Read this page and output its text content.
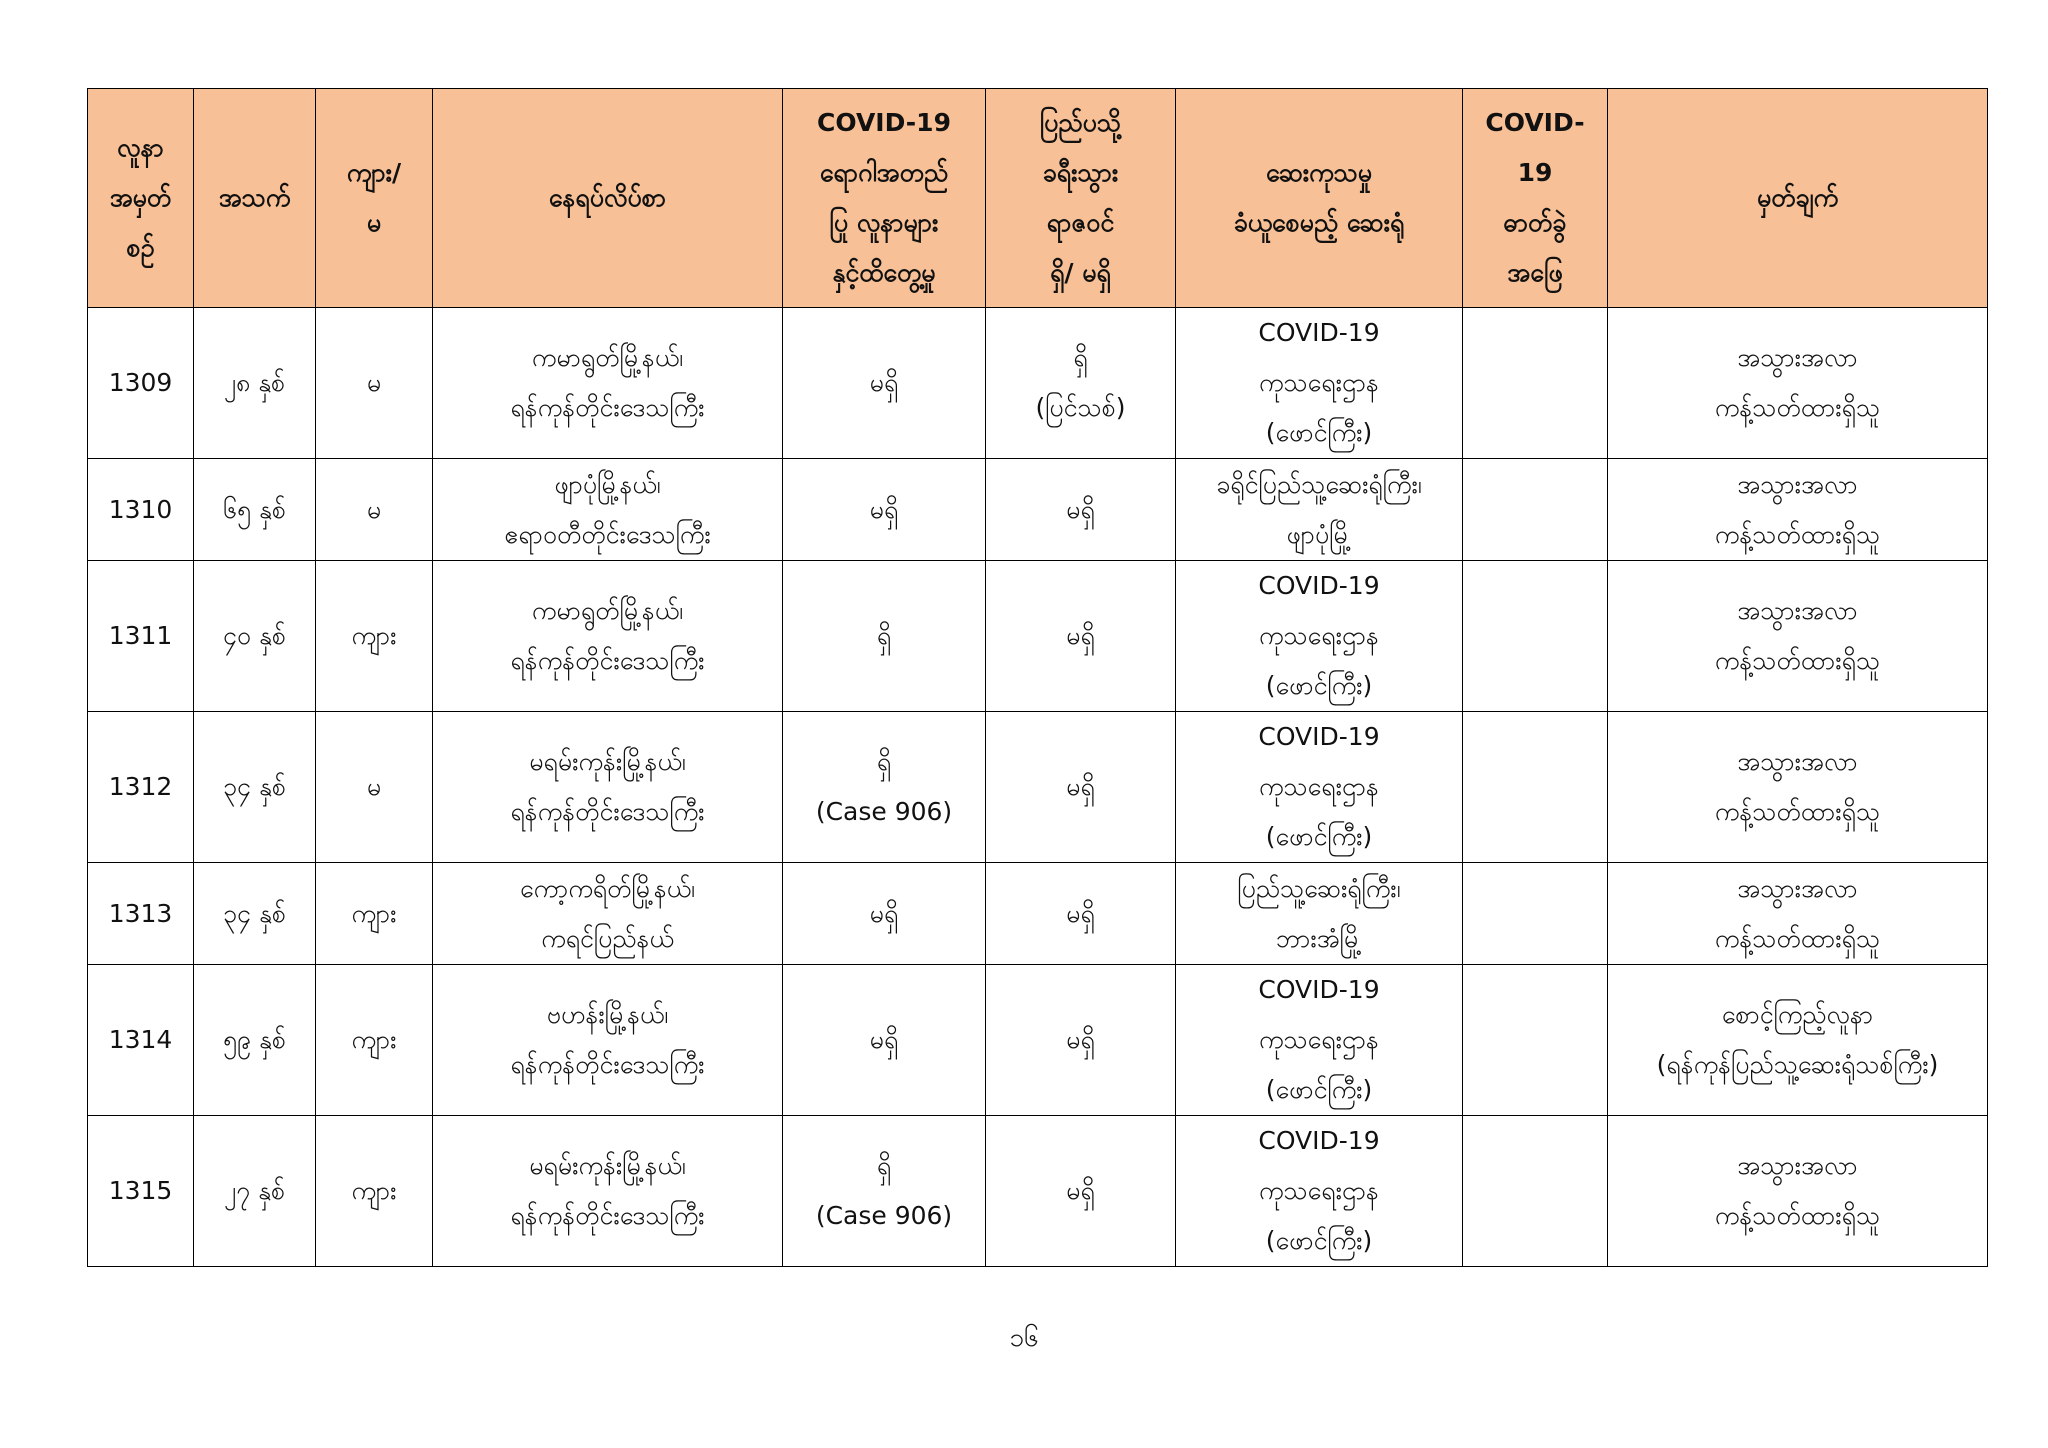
လူနာ
အမှတ်
စဉ်	အသက်	ကျား/
မ	နေရပ်လိပ်စာ	COVID-19
ရောဂါအတည်
ပြု လူနာများ
နှင့်ထိတွေ့မှု	ပြည်ပသို့
ခရီးသွား
ရာဇဝင်
ရှိ/ မရှိ	ဆေးကုသမှု
ခံယူစေမည့် ဆေးရုံ	COVID-
19
ဓာတ်ခွဲ
အဖြေ	မှတ်ချက်

1309	၂၈ နှစ်	မ	ကမာရွတ်မြို့နယ်၊
ရန်ကုန်တိုင်းဒေသကြီး	မရှိ	ရှိ
(ပြင်သစ်)	COVID-19
ကုသရေးဌာန
(ဖောင်ကြီး)		အသွားအလာ
ကန့်သတ်ထားရှိသူ

1310	၆၅ နှစ်	မ	ဖျာပုံမြို့နယ်၊
ဧရာဝတီတိုင်းဒေသကြီး	မရှိ	မရှိ	ခရိုင်ပြည်သူ့ဆေးရုံကြီး၊
ဖျာပုံမြို့		အသွားအလာ
ကန့်သတ်ထားရှိသူ

1311	၄၀ နှစ်	ကျား	ကမာရွတ်မြို့နယ်၊
ရန်ကုန်တိုင်းဒေသကြီး	ရှိ	မရှိ	COVID-19
ကုသရေးဌာန
(ဖောင်ကြီး)		အသွားအလာ
ကန့်သတ်ထားရှိသူ

1312	၃၄ နှစ်	မ	မရမ်းကုန်းမြို့နယ်၊
ရန်ကုန်တိုင်းဒေသကြီး	ရှိ
(Case 906)	မရှိ	COVID-19
ကုသရေးဌာန
(ဖောင်ကြီး)		အသွားအလာ
ကန့်သတ်ထားရှိသူ

1313	၃၄ နှစ်	ကျား	ကော့ကရိတ်မြို့နယ်၊
ကရင်ပြည်နယ်	မရှိ	မရှိ	ပြည်သူ့ဆေးရုံကြီး၊
ဘားအံမြို့		အသွားအလာ
ကန့်သတ်ထားရှိသူ

1314	၅၉ နှစ်	ကျား	ဗဟန်းမြို့နယ်၊
ရန်ကုန်တိုင်းဒေသကြီး	မရှိ	မရှိ	COVID-19
ကုသရေးဌာန
(ဖောင်ကြီး)		စောင့်ကြည့်လူနာ
(ရန်ကုန်ပြည်သူ့ဆေးရုံသစ်ကြီး)

1315	၂၇ နှစ်	ကျား	မရမ်းကုန်းမြို့နယ်၊
ရန်ကုန်တိုင်းဒေသကြီး	ရှိ
(Case 906)	မရှိ	COVID-19
ကုသရေးဌာန
(ဖောင်ကြီး)		အသွားအလာ
ကန့်သတ်ထားရှိသူ
၁၆
